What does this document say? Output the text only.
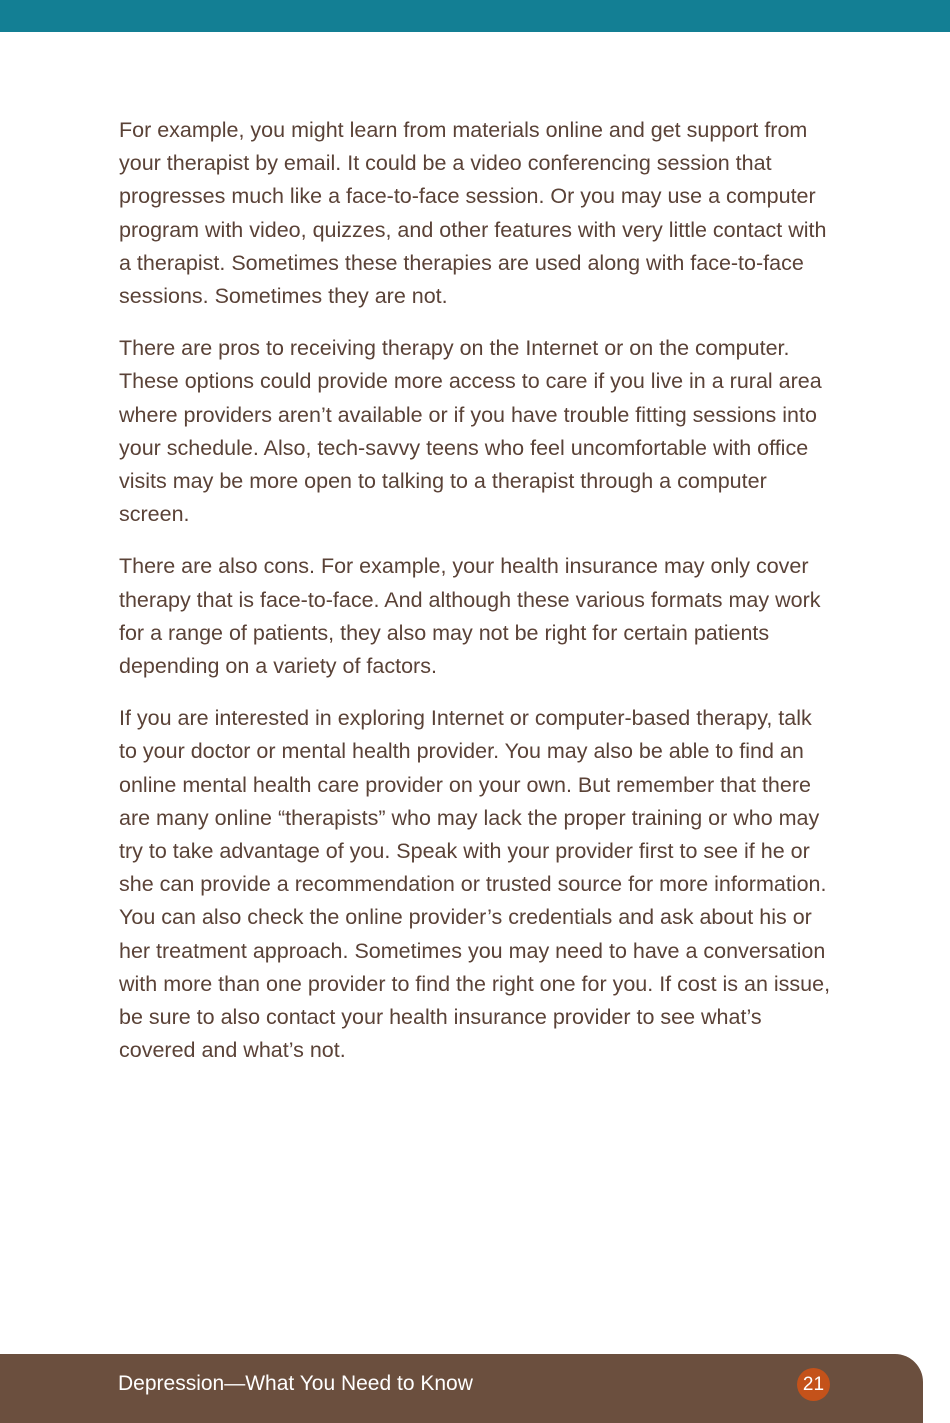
For example, you might learn from materials online and get support from your therapist by email. It could be a video conferencing session that progresses much like a face-to-face session. Or you may use a computer program with video, quizzes, and other features with very little contact with a therapist. Sometimes these therapies are used along with face-to-face sessions. Sometimes they are not.

There are pros to receiving therapy on the Internet or on the computer. These options could provide more access to care if you live in a rural area where providers aren’t available or if you have trouble fitting sessions into your schedule. Also, tech-savvy teens who feel uncomfortable with office visits may be more open to talking to a therapist through a computer screen.

There are also cons. For example, your health insurance may only cover therapy that is face-to-face. And although these various formats may work for a range of patients, they also may not be right for certain patients depending on a variety of factors.

If you are interested in exploring Internet or computer-based therapy, talk to your doctor or mental health provider. You may also be able to find an online mental health care provider on your own. But remember that there are many online “therapists” who may lack the proper training or who may try to take advantage of you. Speak with your provider first to see if he or she can provide a recommendation or trusted source for more information. You can also check the online provider’s credentials and ask about his or her treatment approach. Sometimes you may need to have a conversation with more than one provider to find the right one for you. If cost is an issue, be sure to also contact your health insurance provider to see what’s covered and what’s not.

Depression—What You Need to Know	21
